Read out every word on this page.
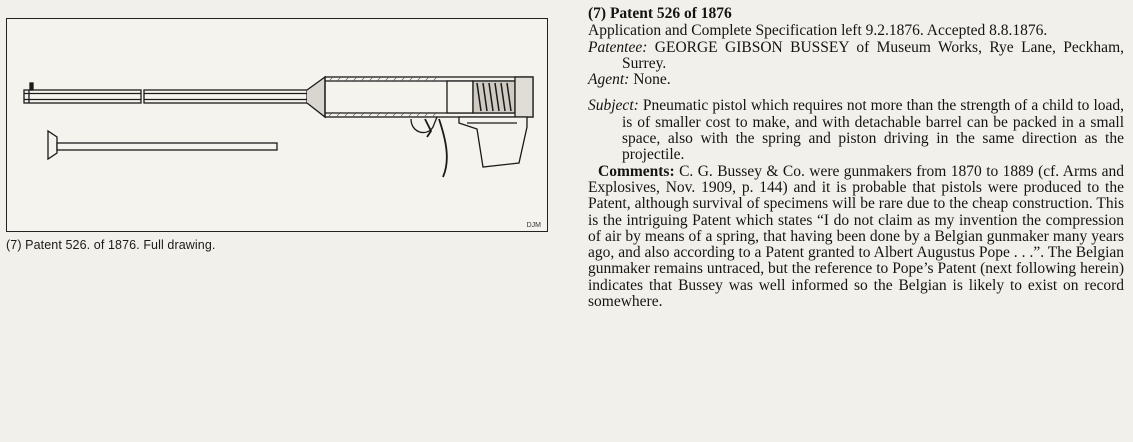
DJM
(7) Patent 526. of 1876. Full drawing.

(7) Patent 526 of 1876

Application and Complete Specification left 9.2.1876. Accepted 8.8.1876.

Patentee: GEORGE GIBSON BUSSEY of Museum Works, Rye Lane, Peckham, Surrey.

Agent: None.

Subject: Pneumatic pistol which requires not more than the strength of a child to load, is of smaller cost to make, and with detachable barrel can be packed in a small space, also with the spring and piston driving in the same direction as the projectile.

Comments: C. G. Bussey & Co. were gunmakers from 1870 to 1889 (cf. Arms and Explosives, Nov. 1909, p. 144) and it is probable that pistols were produced to the Patent, although survival of specimens will be rare due to the cheap construction. This is the intriguing Patent which states “I do not claim as my invention the compression of air by means of a spring, that having been done by a Belgian gunmaker many years ago, and also according to a Patent granted to Albert Augustus Pope . . .”. The Belgian gunmaker remains untraced, but the reference to Pope’s Patent (next following herein) indicates that Bussey was well informed so the Belgian is likely to exist on record somewhere.
